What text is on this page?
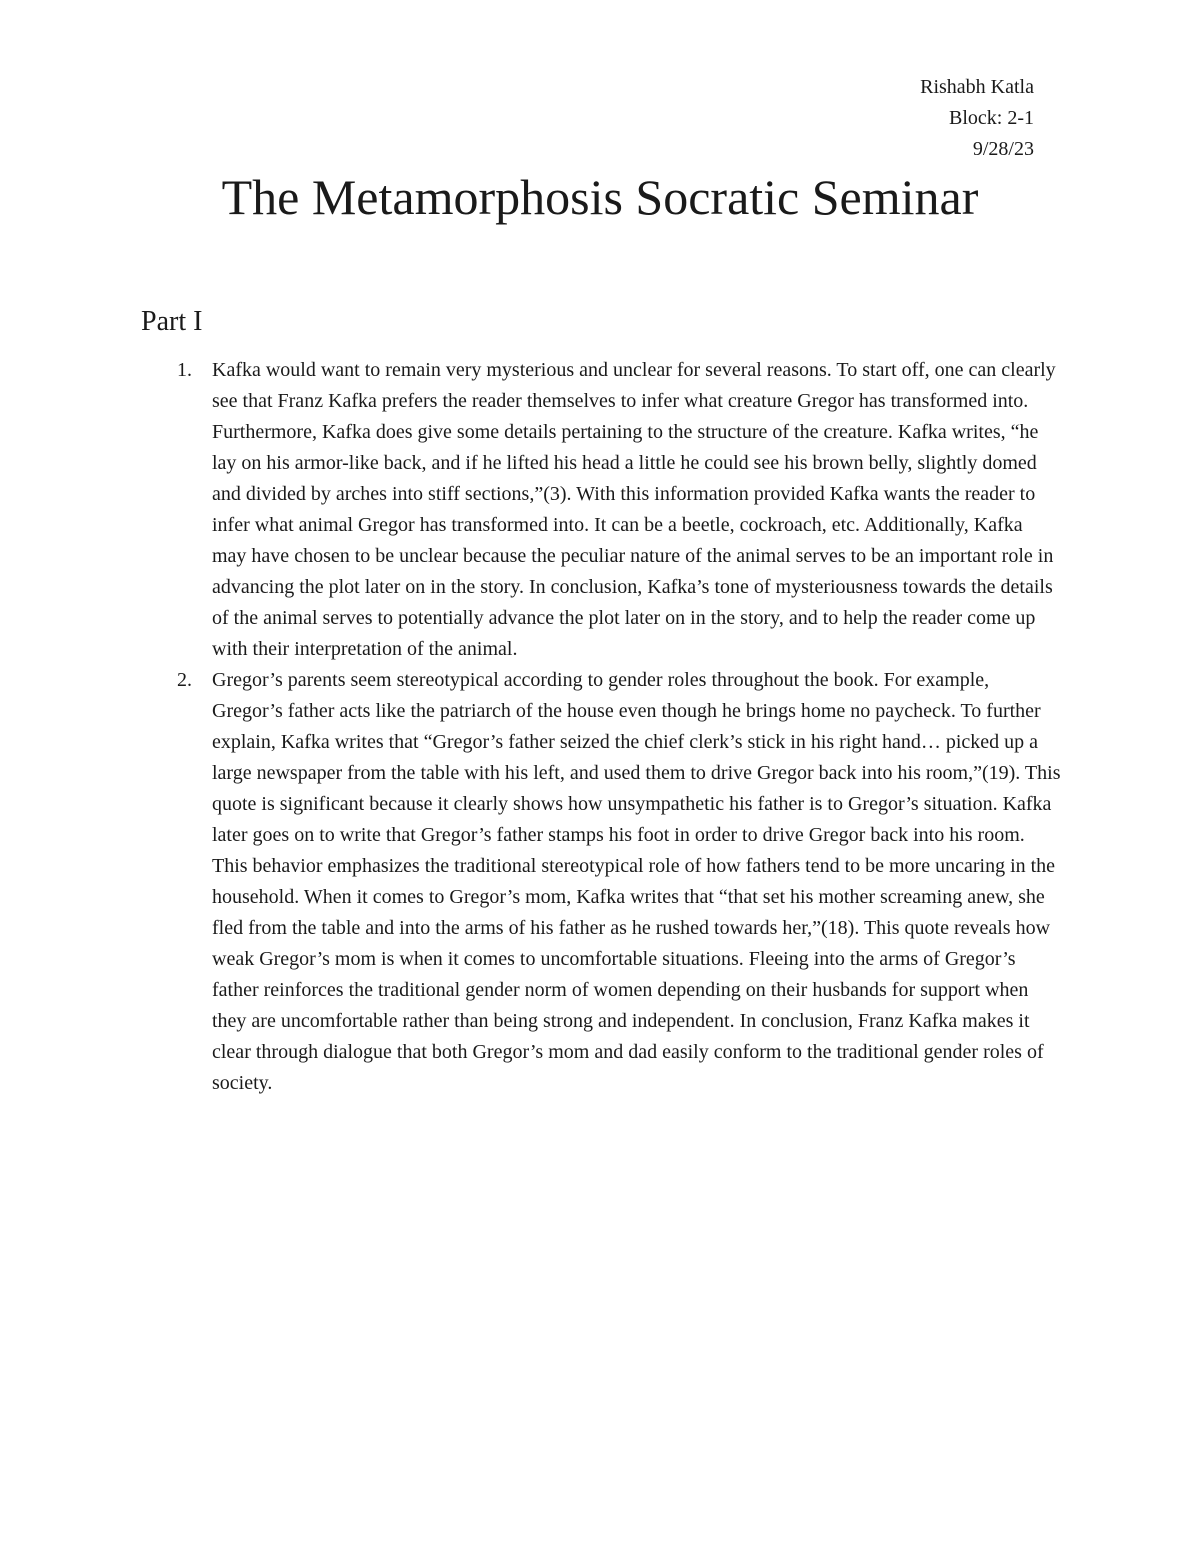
Rishabh Katla
Block: 2-1
9/28/23
The Metamorphosis Socratic Seminar
Part I
1. Kafka would want to remain very mysterious and unclear for several reasons. To start off, one can clearly see that Franz Kafka prefers the reader themselves to infer what creature Gregor has transformed into. Furthermore, Kafka does give some details pertaining to the structure of the creature. Kafka writes, “he lay on his armor-like back, and if he lifted his head a little he could see his brown belly, slightly domed and divided by arches into stiff sections,”(3). With this information provided Kafka wants the reader to infer what animal Gregor has transformed into. It can be a beetle, cockroach, etc. Additionally, Kafka may have chosen to be unclear because the peculiar nature of the animal serves to be an important role in advancing the plot later on in the story. In conclusion, Kafka’s tone of mysteriousness towards the details of the animal serves to potentially advance the plot later on in the story, and to help the reader come up with their interpretation of the animal.
2. Gregor’s parents seem stereotypical according to gender roles throughout the book. For example, Gregor’s father acts like the patriarch of the house even though he brings home no paycheck. To further explain, Kafka writes that “Gregor’s father seized the chief clerk’s stick in his right hand… picked up a large newspaper from the table with his left, and used them to drive Gregor back into his room,”(19). This quote is significant because it clearly shows how unsympathetic his father is to Gregor’s situation. Kafka later goes on to write that Gregor’s father stamps his foot in order to drive Gregor back into his room. This behavior emphasizes the traditional stereotypical role of how fathers tend to be more uncaring in the household. When it comes to Gregor’s mom, Kafka writes that “that set his mother screaming anew, she fled from the table and into the arms of his father as he rushed towards her,”(18). This quote reveals how weak Gregor’s mom is when it comes to uncomfortable situations. Fleeing into the arms of Gregor’s father reinforces the traditional gender norm of women depending on their husbands for support when they are uncomfortable rather than being strong and independent. In conclusion, Franz Kafka makes it clear through dialogue that both Gregor’s mom and dad easily conform to the traditional gender roles of society.
